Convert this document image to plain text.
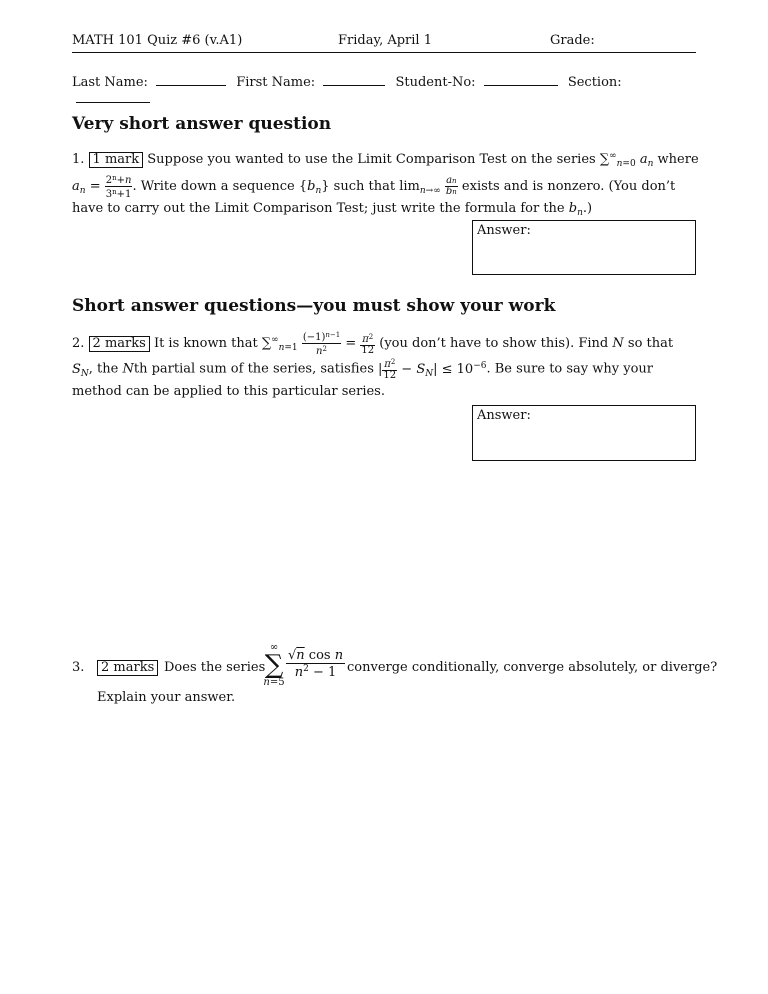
MATH 101 Quiz #6 (v.A1)	Friday, April 1	Grade:
Last Name:	First Name:	Student-No:	Section:
Very short answer question
1. 1 mark Suppose you wanted to use the Limit Comparison Test on the series $\sum^\infty_{n=0}$ $a_n$ where
$a_n = \frac{2^n+n}{3^n+1}$ . Write down a sequence $\{b_n\}$ such that $\lim_{n\to\infty} \frac{an}{bn}$ exists and is nonzero. (You don’t
have to carry out the Limit Comparison Test; just write the formula for the $b_n$.)
Answer:
Short answer questions—you must show your work
2. 2 marks It is known that $\sum^\infty_{n=1} \frac{(-1)^{n-1}}{n^2} = \frac{\pi^2}{12} (you$ don’t have to show this). Find N so that
$S_N$, the Nth partial sum of the series, satisfies | $\frac{\pi^2}{12} - S_N| \le 10^{-6}$. Be sure to say why your
method can be applied to this particular series.
Answer:
3.	2 marks Does the series
∞
∑
n=5
√n cos n
$n^2 - 1$ converge conditionally, converge absolutely, or diverge?
Explain your answer.
